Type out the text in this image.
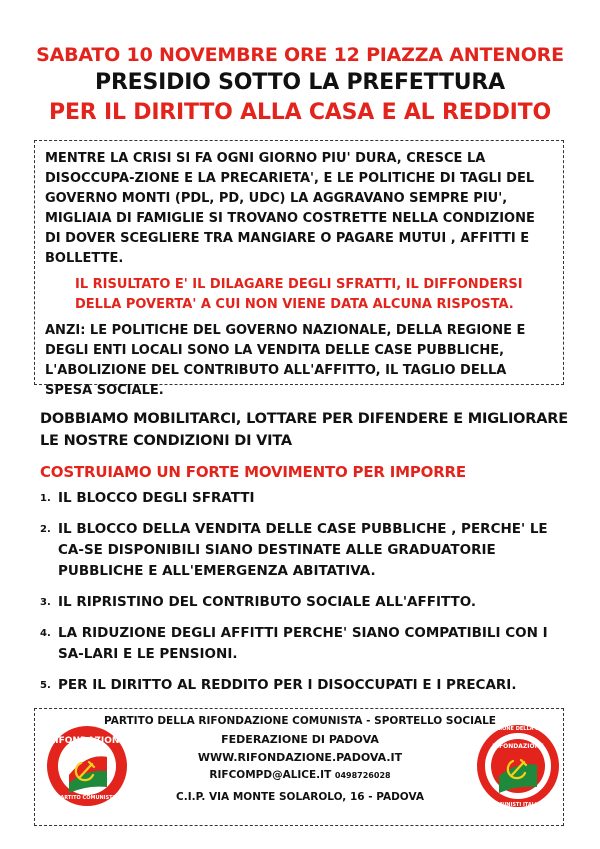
SABATO 10 NOVEMBRE ORE 12 PIAZZA ANTENORE
PRESIDIO SOTTO LA PREFETTURA
PER IL DIRITTO ALLA CASA E AL REDDITO

MENTRE LA CRISI SI FA OGNI GIORNO PIU' DURA, CRESCE LA DISOCCUPA-ZIONE E LA PRECARIETA', E LE POLITICHE DI TAGLI DEL GOVERNO MONTI (PDL, PD, UDC) LA AGGRAVANO SEMPRE PIU', MIGLIAIA DI FAMIGLIE SI TROVANO COSTRETTE NELLA CONDIZIONE DI DOVER SCEGLIERE TRA MANGIARE O PAGARE MUTUI , AFFITTI E BOLLETTE.

IL RISULTATO E' IL DILAGARE DEGLI SFRATTI, IL DIFFONDERSI DELLA POVERTA' A CUI NON VIENE DATA ALCUNA RISPOSTA.

ANZI: LE POLITICHE DEL GOVERNO NAZIONALE, DELLA REGIONE E DEGLI ENTI LOCALI SONO LA VENDITA DELLE CASE PUBBLICHE, L'ABOLIZIONE DEL CONTRIBUTO ALL'AFFITTO, IL TAGLIO DELLA SPESA SOCIALE.

DOBBIAMO MOBILITARCI, LOTTARE PER DIFENDERE E MIGLIORARE LE NOSTRE CONDIZIONI DI VITA
COSTRUIAMO UN FORTE MOVIMENTO PER IMPORRE
1. IL BLOCCO DEGLI SFRATTI
2. IL BLOCCO DELLA VENDITA DELLE CASE PUBBLICHE , PERCHE' LE CA-SE DISPONIBILI SIANO DESTINATE ALLE GRADUATORIE PUBBLICHE E ALL'EMERGENZA ABITATIVA.
3. IL RIPRISTINO DEL CONTRIBUTO SOCIALE ALL'AFFITTO.
4. LA RIDUZIONE DEGLI AFFITTI PERCHE' SIANO COMPATIBILI CON I SA-LARI E LE PENSIONI.
5. PER IL DIRITTO AL REDDITO PER I DISOCCUPATI E I PRECARI.
PARTITO DELLA RIFONDAZIONE COMUNISTA - SPORTELLO SOCIALE
FEDERAZIONE DI PADOVA
WWW.RIFONDAZIONE.PADOVA.IT
RIFCOMPD@ALICE.IT 0498726028
C.I.P. VIA MONTE SOLAROLO, 16 - PADOVA
RIFONDAZIONE
PARTITO COMUNISTO
SINISTRA EUROPEA
FEDERAZIONE DELLA SINISTRA
RIFONDAZIONE
COMUNISTI ITALIANI
